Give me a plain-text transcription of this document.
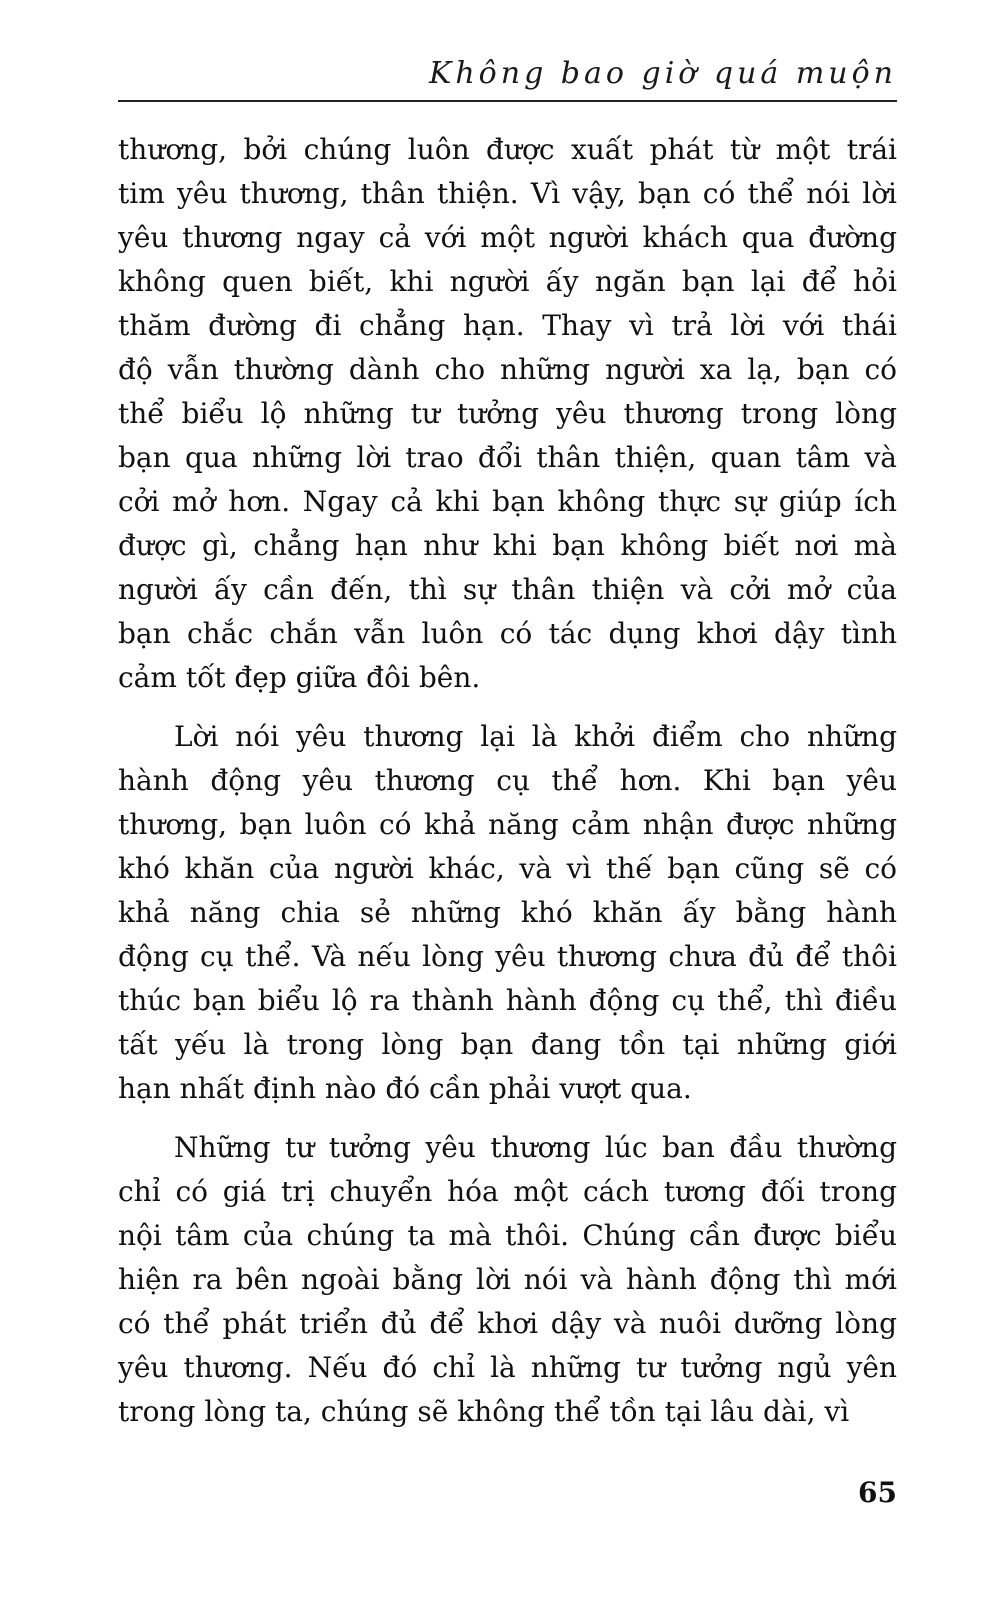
Không bao giờ quá muộn
thương, bởi chúng luôn được xuất phát từ một trái
tim yêu thương, thân thiện. Vì vậy, bạn có thể nói lời
yêu thương ngay cả với một người khách qua đường
không quen biết, khi người ấy ngăn bạn lại để hỏi
thăm đường đi chẳng hạn. Thay vì trả lời với thái
độ vẫn thường dành cho những người xa lạ, bạn có
thể biểu lộ những tư tưởng yêu thương trong lòng
bạn qua những lời trao đổi thân thiện, quan tâm và
cởi mở hơn. Ngay cả khi bạn không thực sự giúp ích
được gì, chẳng hạn như khi bạn không biết nơi mà
người ấy cần đến, thì sự thân thiện và cởi mở của
bạn chắc chắn vẫn luôn có tác dụng khơi dậy tình
cảm tốt đẹp giữa đôi bên.
Lời nói yêu thương lại là khởi điểm cho những
hành động yêu thương cụ thể hơn. Khi bạn yêu
thương, bạn luôn có khả năng cảm nhận được những
khó khăn của người khác, và vì thế bạn cũng sẽ có
khả năng chia sẻ những khó khăn ấy bằng hành
động cụ thể. Và nếu lòng yêu thương chưa đủ để thôi
thúc bạn biểu lộ ra thành hành động cụ thể, thì điều
tất yếu là trong lòng bạn đang tồn tại những giới
hạn nhất định nào đó cần phải vượt qua.
Những tư tưởng yêu thương lúc ban đầu thường
chỉ có giá trị chuyển hóa một cách tương đối trong
nội tâm của chúng ta mà thôi. Chúng cần được biểu
hiện ra bên ngoài bằng lời nói và hành động thì mới
có thể phát triển đủ để khơi dậy và nuôi dưỡng lòng
yêu thương. Nếu đó chỉ là những tư tưởng ngủ yên
trong lòng ta, chúng sẽ không thể tồn tại lâu dài, vì
65
